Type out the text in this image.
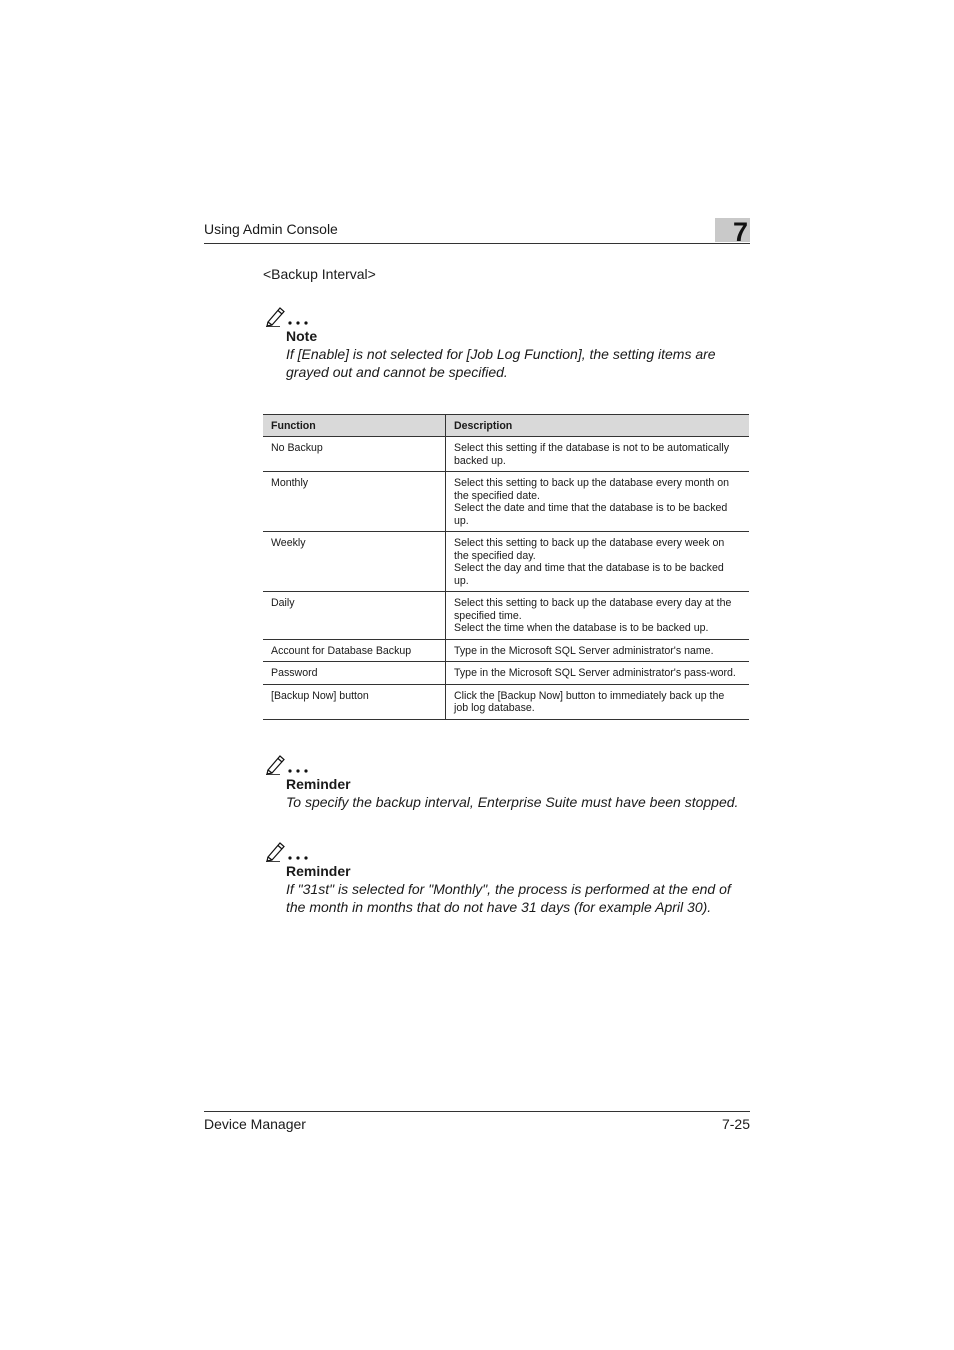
Using Admin Console	7
<Backup Interval>
Note
If [Enable] is not selected for [Job Log Function], the setting items are grayed out and cannot be specified.
Function	Description
No Backup	Select this setting if the database is not to be automatically backed up.

Monthly	Select this setting to back up the database every month on the specified date.
Select the date and time that the database is to be backed up.

Weekly	Select this setting to back up the database every week on the specified day.
Select the day and time that the database is to be backed up.

Daily	Select this setting to back up the database every day at the specified time.
Select the time when the database is to be backed up.

Account for Database Backup	Type in the Microsoft SQL Server administrator's name.

Password	Type in the Microsoft SQL Server administrator's pass-word.

[Backup Now] button	Click the [Backup Now] button to immediately back up the job log database.
Reminder
To specify the backup interval, Enterprise Suite must have been stopped.
Reminder
If "31st" is selected for "Monthly", the process is performed at the end of the month in months that do not have 31 days (for example April 30).
Device Manager	7-25
